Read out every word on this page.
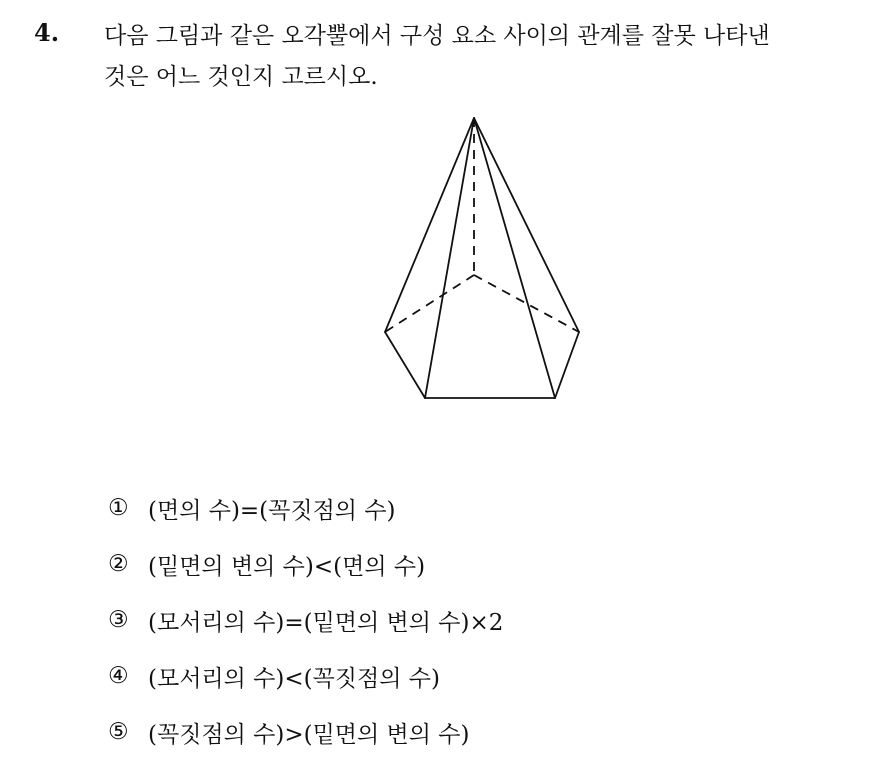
4. 다음 그림과 같은 오각뿔에서 구성 요소 사이의 관계를 잘못 나타낸
것은 어느 것인지 고르시오.
① (면의 수)=(꼭짓점의 수)
② (밑면의 변의 수)<(면의 수)
③ (모서리의 수)=(밑면의 변의 수)×2
④ (모서리의 수)<(꼭짓점의 수)
⑤ (꼭짓점의 수)>(밑면의 변의 수)
